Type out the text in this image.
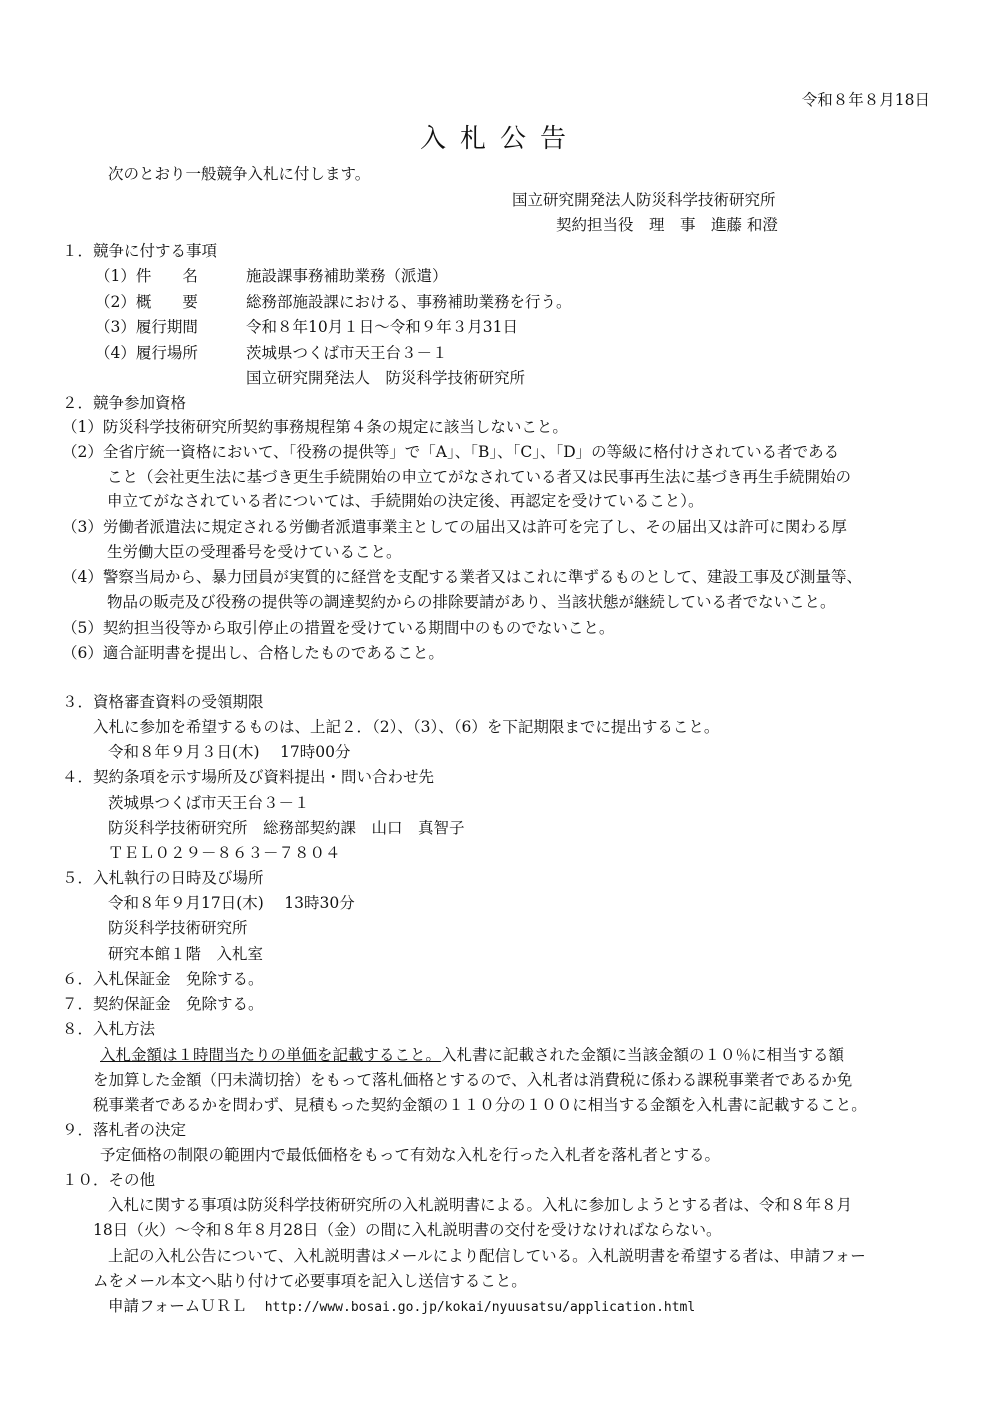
令和８年８月18日
入札公告
次のとおり一般競争入札に付します。
国立研究開発法人防災科学技術研究所
契約担当役　理　事　進藤 和澄
１．競争に付する事項
（1）件　　名	施設課事務補助業務（派遣）
（2）概　　要	総務部施設課における、事務補助業務を行う。
（3）履行期間	令和８年10月１日～令和９年３月31日
（4）履行場所	茨城県つくば市天王台３－１
国立研究開発法人　防災科学技術研究所
２．競争参加資格
（1）防災科学技術研究所契約事務規程第４条の規定に該当しないこと。
（2）全省庁統一資格において、「役務の提供等」で「A」、「B」、「C」、「D」の等級に格付けされている者である
こと（会社更生法に基づき更生手続開始の申立てがなされている者又は民事再生法に基づき再生手続開始の
申立てがなされている者については、手続開始の決定後、再認定を受けていること）。
（3）労働者派遣法に規定される労働者派遣事業主としての届出又は許可を完了し、その届出又は許可に関わる厚
生労働大臣の受理番号を受けていること。
（4）警察当局から、暴力団員が実質的に経営を支配する業者又はこれに準ずるものとして、建設工事及び測量等、
物品の販売及び役務の提供等の調達契約からの排除要請があり、当該状態が継続している者でないこと。
（5）契約担当役等から取引停止の措置を受けている期間中のものでないこと。
（6）適合証明書を提出し、合格したものであること。
３．資格審査資料の受領期限
入札に参加を希望するものは、上記２．（2）、（3）、（6）を下記期限までに提出すること。
令和８年９月３日(木)　 17時00分
４．契約条項を示す場所及び資料提出・問い合わせ先
茨城県つくば市天王台３－１
防災科学技術研究所　総務部契約課　山口　真智子
ＴＥＬ０２９－８６３－７８０４
５．入札執行の日時及び場所
令和８年９月17日(木)　 13時30分
防災科学技術研究所
研究本館１階　入札室
６．入札保証金　免除する。
７．契約保証金　免除する。
８．入札方法
入札金額は１時間当たりの単価を記載すること。入札書に記載された金額に当該金額の１０％に相当する額
を加算した金額（円未満切捨）をもって落札価格とするので、入札者は消費税に係わる課税事業者であるか免
税事業者であるかを問わず、見積もった契約金額の１１０分の１００に相当する金額を入札書に記載すること。
９．落札者の決定
予定価格の制限の範囲内で最低価格をもって有効な入札を行った入札者を落札者とする。
１０．その他
入札に関する事項は防災科学技術研究所の入札説明書による。入札に参加しようとする者は、令和８年８月
18日（火）～令和８年８月28日（金）の間に入札説明書の交付を受けなければならない。
上記の入札公告について、入札説明書はメールにより配信している。入札説明書を希望する者は、申請フォー
ムをメール本文へ貼り付けて必要事項を記入し送信すること。
申請フォームＵＲＬ http://www.bosai.go.jp/kokai/nyuusatsu/application.html
